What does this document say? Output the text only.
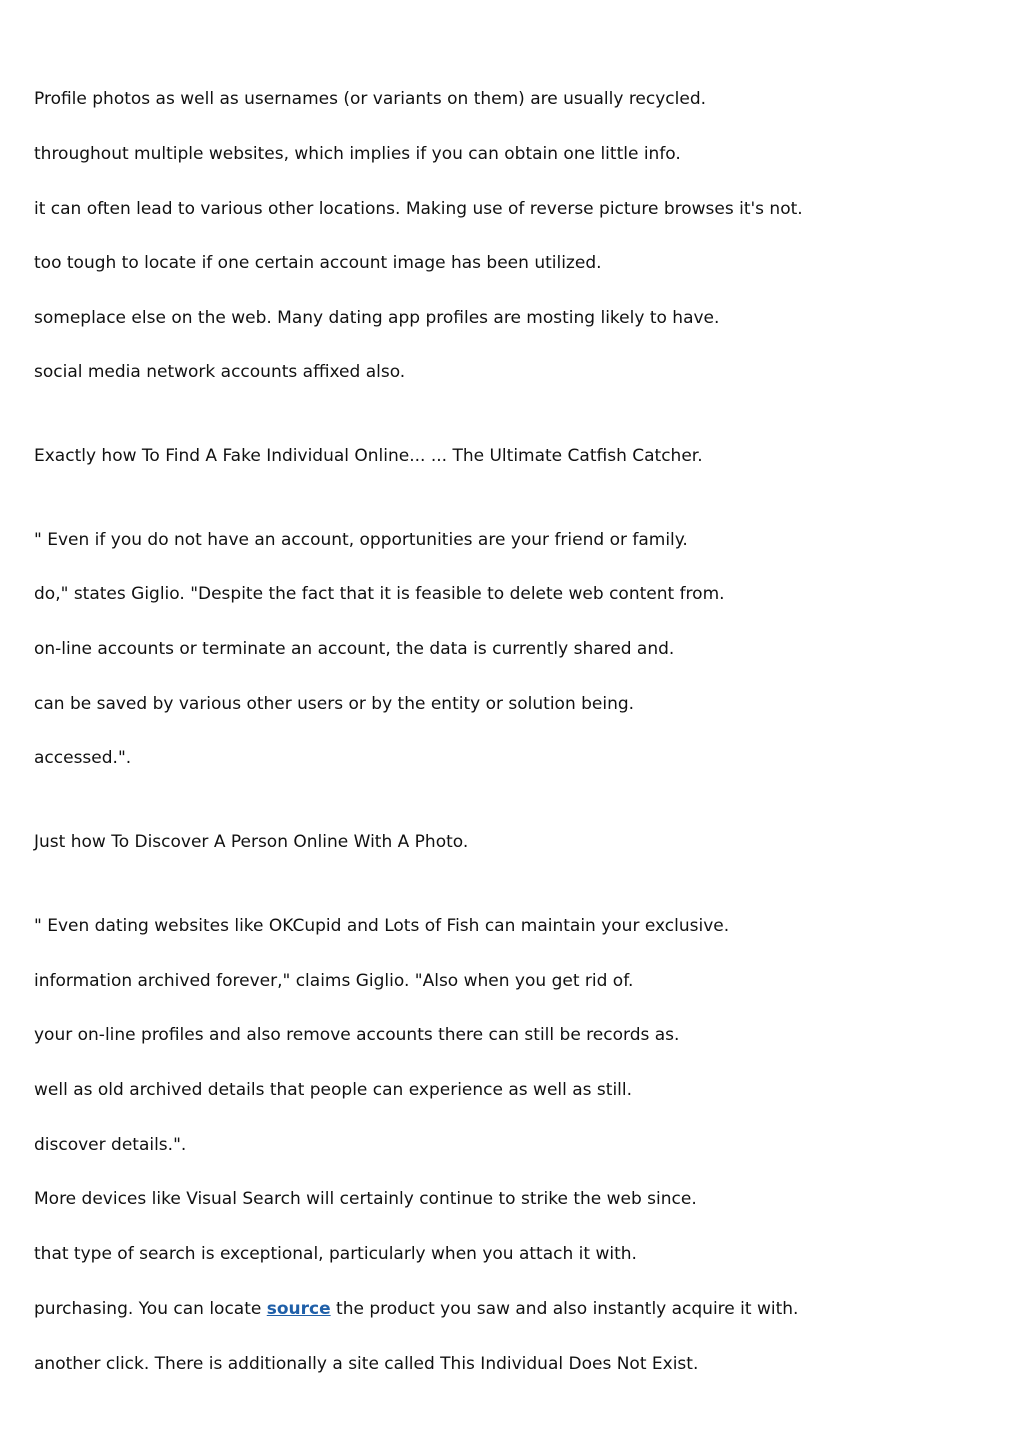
Profile photos as well as usernames (or variants on them) are usually recycled.

throughout multiple websites, which implies if you can obtain one little info.

it can often lead to various other locations. Making use of reverse picture browses it's not.

too tough to locate if one certain account image has been utilized.

someplace else on the web. Many dating app profiles are mosting likely to have.

social media network accounts affixed also.

Exactly how To Find A Fake Individual Online... ... The Ultimate Catfish Catcher.

" Even if you do not have an account, opportunities are your friend or family.

do," states Giglio. "Despite the fact that it is feasible to delete web content from.

on-line accounts or terminate an account, the data is currently shared and.

can be saved by various other users or by the entity or solution being.

accessed.".

Just how To Discover A Person Online With A Photo.

" Even dating websites like OKCupid and Lots of Fish can maintain your exclusive.

information archived forever," claims Giglio. "Also when you get rid of.

your on-line profiles and also remove accounts there can still be records as.

well as old archived details that people can experience as well as still.

discover details.".

More devices like Visual Search will certainly continue to strike the web since.

that type of search is exceptional, particularly when you attach it with.

purchasing. You can locate source the product you saw and also instantly acquire it with.

another click. There is additionally a site called This Individual Does Not Exist.
